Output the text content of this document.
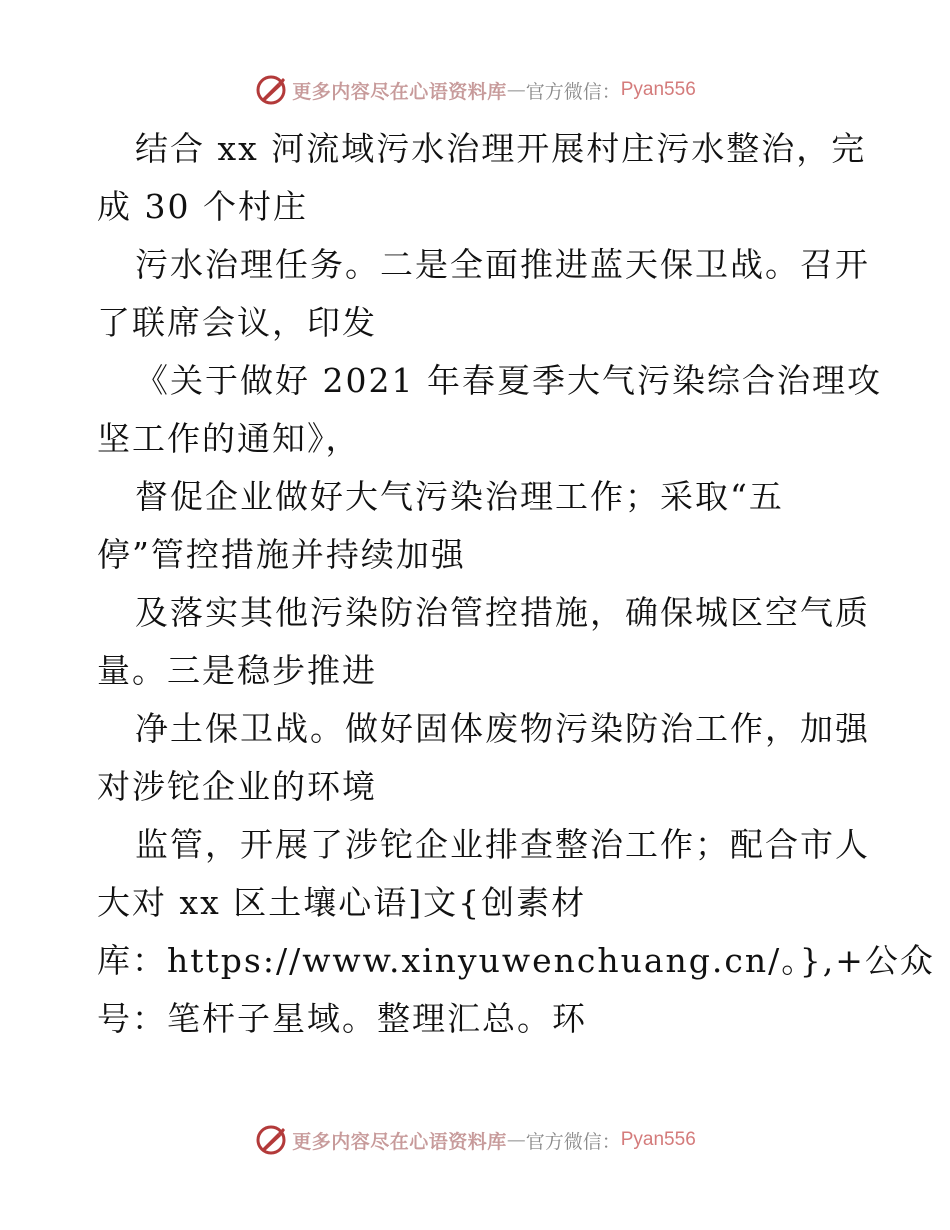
更多内容尽在心语资料库 — 官方微信： Pyan556
结合 xx 河流域污水治理开展村庄污水整治，完
成 30 个村庄
污水治理任务。二是全面推进蓝天保卫战。召开
了联席会议，印发
《关于做好 2021 年春夏季大气污染综合治理攻
坚工作的通知》，
督促企业做好大气污染治理工作；采取“五
停”管控措施并持续加强
及落实其他污染防治管控措施，确保城区空气质
量。三是稳步推进
净土保卫战。做好固体废物污染防治工作，加强
对涉铊企业的环境
监管，开展了涉铊企业排查整治工作；配合市人
大对 xx 区土壤心语]文{创素材
库：https://www.xinyuwenchuang.cn/。},+公众
号：笔杆子星域。整理汇总。环
更多内容尽在心语资料库 — 官方微信： Pyan556
